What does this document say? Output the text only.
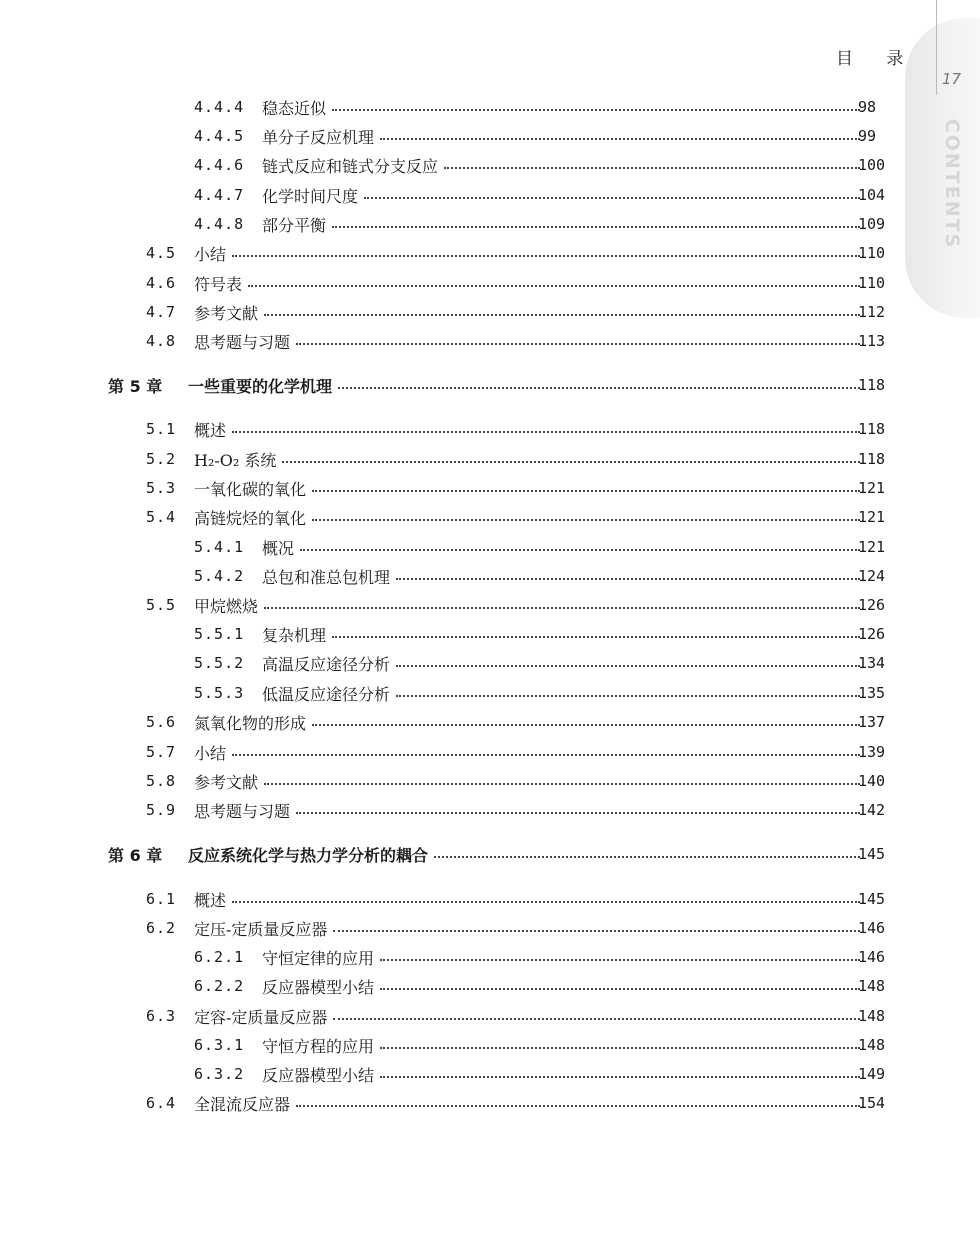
目 录
17
CONTENTS
4.4.4 稳态近似	98
4.4.5 单分子反应机理	99
4.4.6 链式反应和链式分支反应	100
4.4.7 化学时间尺度	104
4.4.8 部分平衡	109
4.5 小结	110
4.6 符号表	110
4.7 参考文献	112
4.8 思考题与习题	113
第 5 章 一些重要的化学机理	118
5.1 概述	118
5.2 H₂-O₂ 系统	118
5.3 一氧化碳的氧化	121
5.4 高链烷烃的氧化	121
5.4.1 概况	121
5.4.2 总包和准总包机理	124
5.5 甲烷燃烧	126
5.5.1 复杂机理	126
5.5.2 高温反应途径分析	134
5.5.3 低温反应途径分析	135
5.6 氮氧化物的形成	137
5.7 小结	139
5.8 参考文献	140
5.9 思考题与习题	142
第 6 章 反应系统化学与热力学分析的耦合	145
6.1 概述	145
6.2 定压-定质量反应器	146
6.2.1 守恒定律的应用	146
6.2.2 反应器模型小结	148
6.3 定容-定质量反应器	148
6.3.1 守恒方程的应用	148
6.3.2 反应器模型小结	149
6.4 全混流反应器	154
